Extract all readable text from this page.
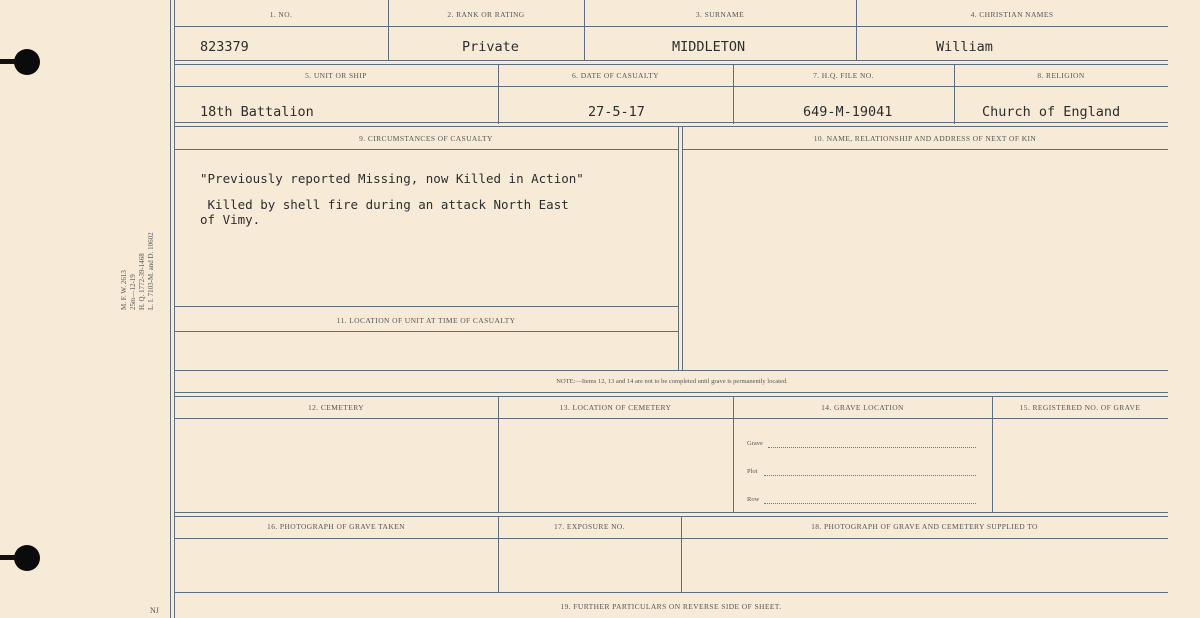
M. F. W. 2613 25m—12-19 H. Q. 1772-39-1468 L. I. 7103-M. and D. 10602
1. NO.	2. RANK OR RATING	3. SURNAME	4. CHRISTIAN NAMES
823379	Private	MIDDLETON	William
5. UNIT OR SHIP	6. DATE OF CASUALTY	7. H.Q. FILE NO.	8. RELIGION
18th Battalion	27-5-17	649-M-19041	Church of England
9. CIRCUMSTANCES OF CASUALTY	10. NAME, RELATIONSHIP AND ADDRESS OF NEXT OF KIN
"Previously reported Missing, now Killed in Action"
Killed by shell fire during an attack North East
of Vimy.
11. LOCATION OF UNIT AT TIME OF CASUALTY
NOTE:—Items 12, 13 and 14 are not to be completed until grave is permanently located.
12. CEMETERY	13. LOCATION OF CEMETERY	14. GRAVE LOCATION	15. REGISTERED NO. OF GRAVE
Grave
Plot
Row
16. PHOTOGRAPH OF GRAVE TAKEN	17. EXPOSURE NO.	18. PHOTOGRAPH OF GRAVE AND CEMETERY SUPPLIED TO
19. FURTHER PARTICULARS ON REVERSE SIDE OF SHEET.
NJ
